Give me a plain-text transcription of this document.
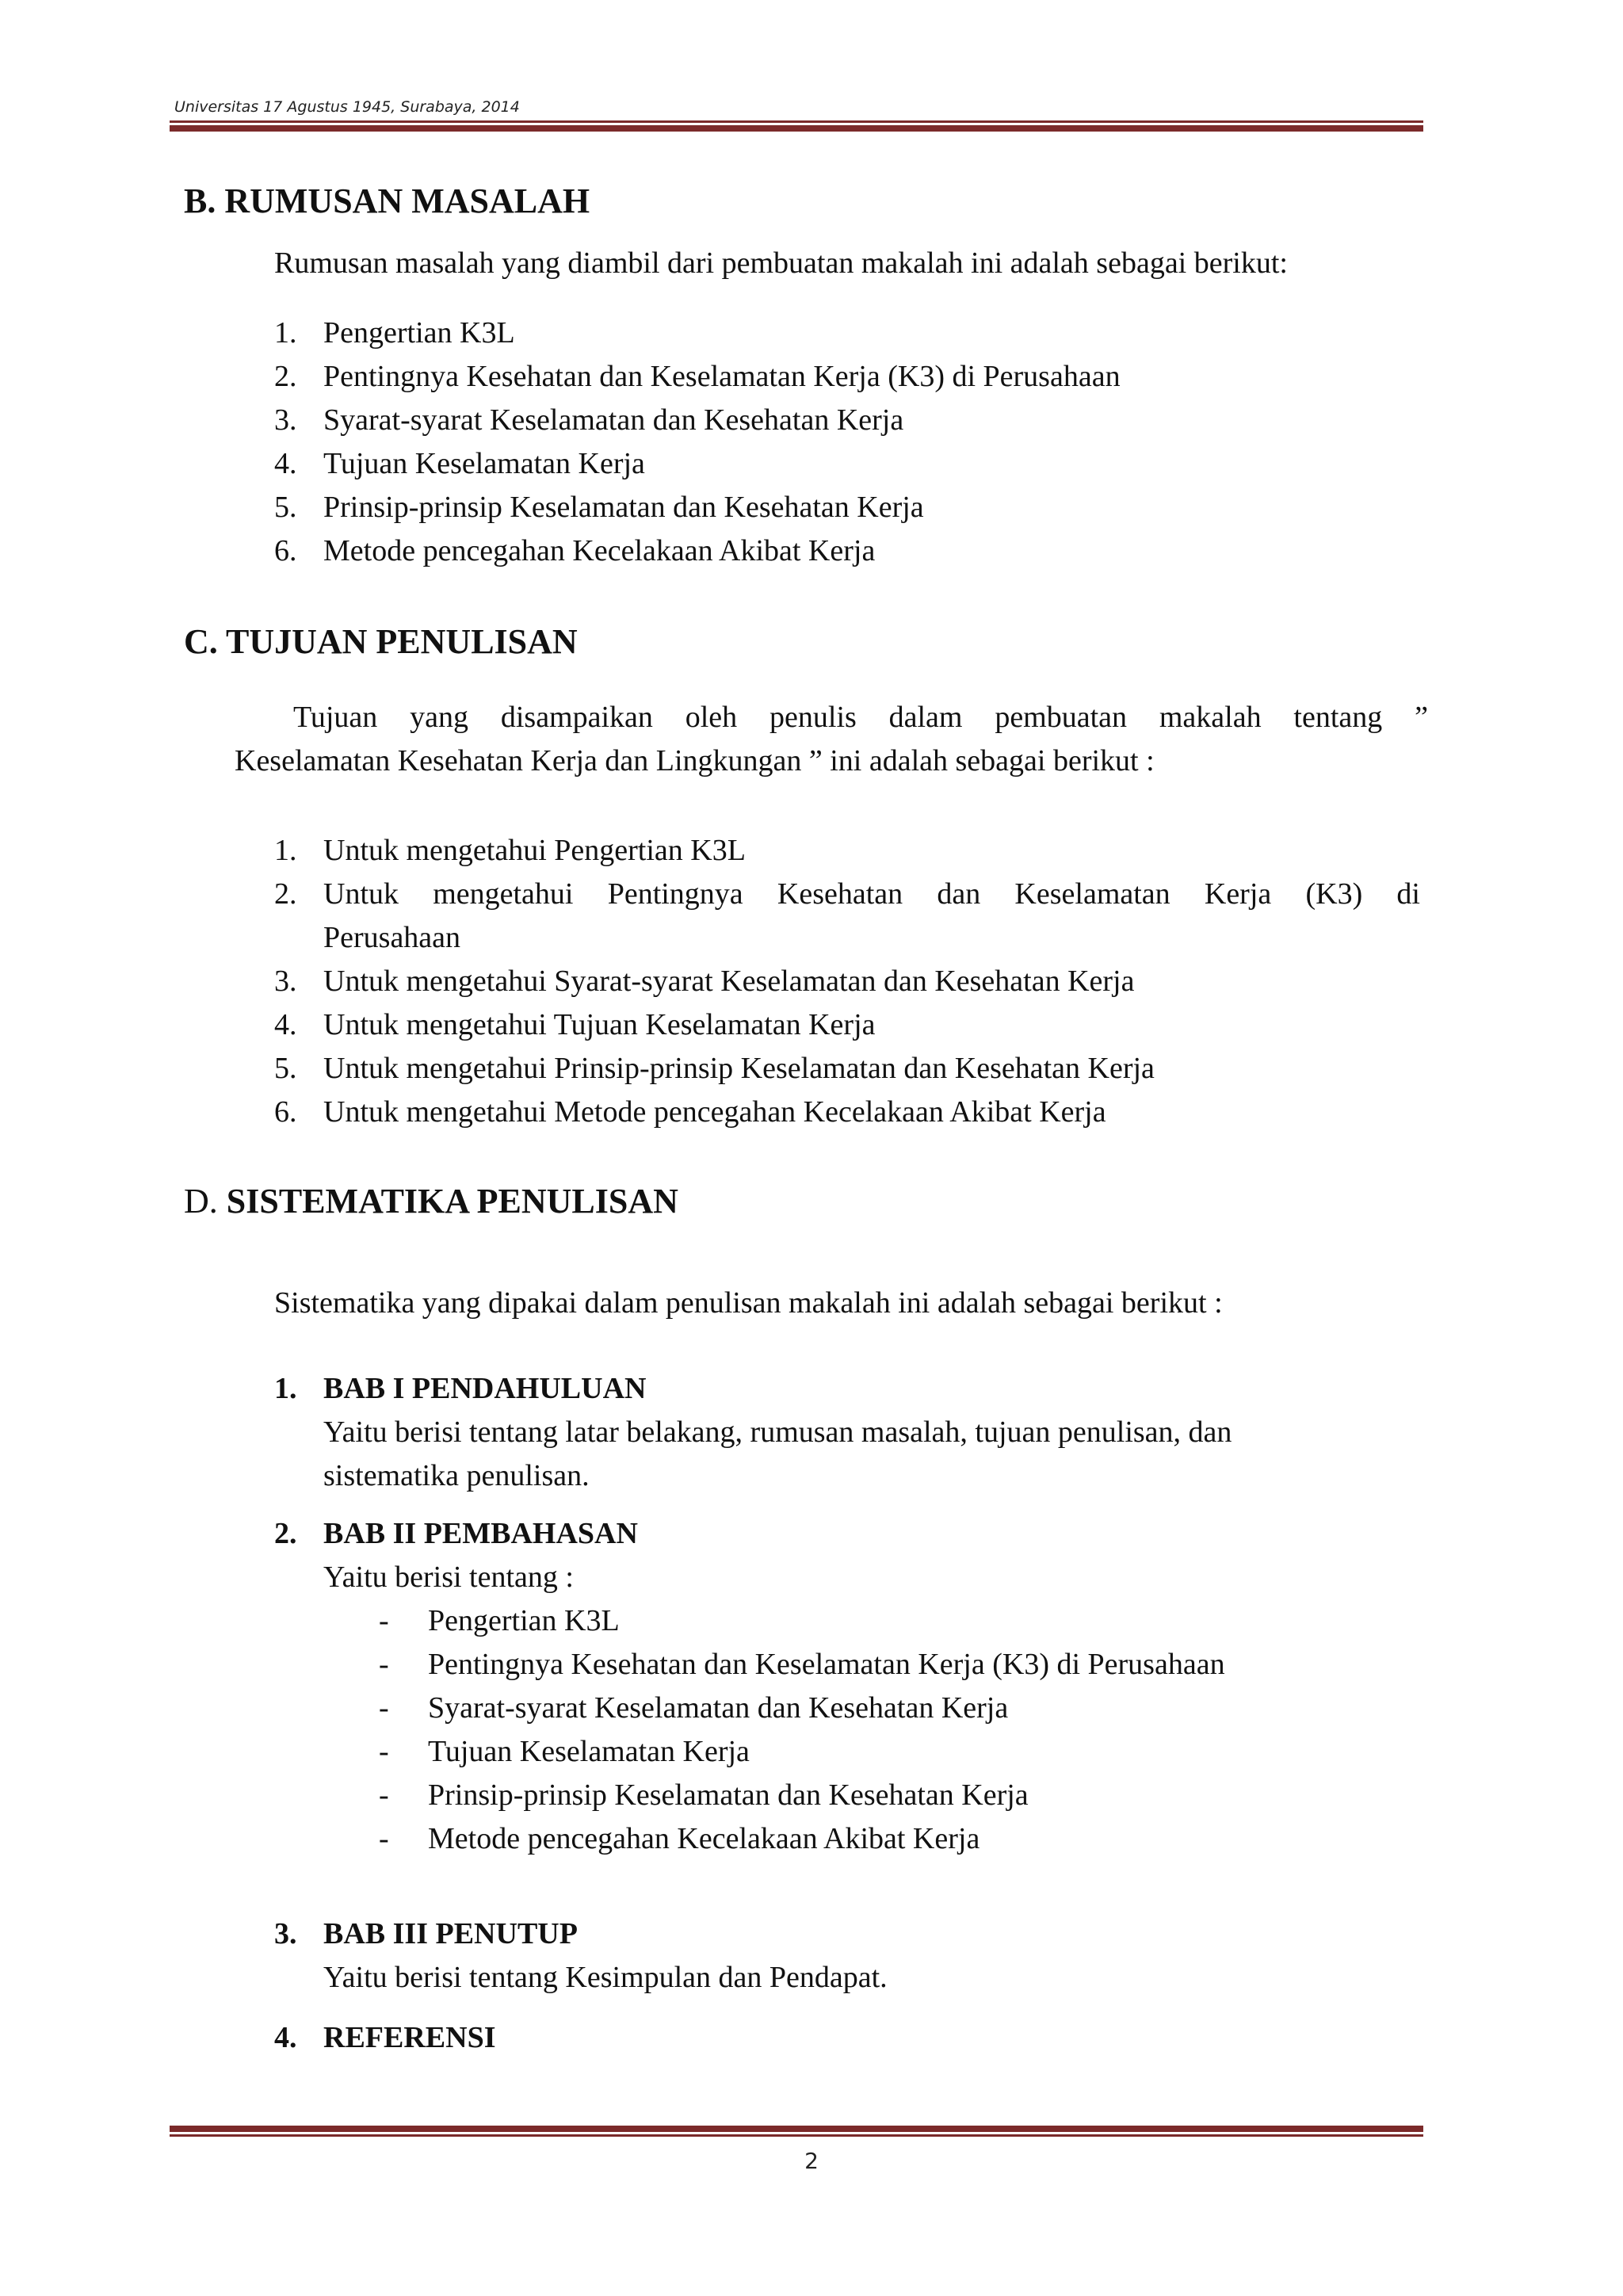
Universitas 17 Agustus 1945, Surabaya, 2014
B. RUMUSAN MASALAH
Rumusan masalah yang diambil dari pembuatan makalah ini adalah sebagai berikut:
1. Pengertian K3L
2. Pentingnya Kesehatan dan Keselamatan Kerja (K3) di Perusahaan
3. Syarat-syarat Keselamatan dan Kesehatan Kerja
4. Tujuan Keselamatan Kerja
5. Prinsip-prinsip Keselamatan dan Kesehatan Kerja
6. Metode pencegahan Kecelakaan Akibat Kerja
C. TUJUAN PENULISAN
Tujuan yang disampaikan oleh penulis dalam pembuatan makalah tentang ”
Keselamatan Kesehatan Kerja dan Lingkungan ” ini adalah sebagai berikut :
1. Untuk mengetahui Pengertian K3L
2. Untuk mengetahui Pentingnya Kesehatan dan Keselamatan Kerja (K3) di
Perusahaan
3. Untuk mengetahui Syarat-syarat Keselamatan dan Kesehatan Kerja
4. Untuk mengetahui Tujuan Keselamatan Kerja
5. Untuk mengetahui Prinsip-prinsip Keselamatan dan Kesehatan Kerja
6. Untuk mengetahui Metode pencegahan Kecelakaan Akibat Kerja
D. SISTEMATIKA PENULISAN
Sistematika yang dipakai dalam penulisan makalah ini adalah sebagai berikut :
1. BAB I PENDAHULUAN
Yaitu berisi tentang latar belakang, rumusan masalah, tujuan penulisan, dan
sistematika penulisan.
2. BAB II PEMBAHASAN
Yaitu berisi tentang :
- Pengertian K3L
- Pentingnya Kesehatan dan Keselamatan Kerja (K3) di Perusahaan
- Syarat-syarat Keselamatan dan Kesehatan Kerja
- Tujuan Keselamatan Kerja
- Prinsip-prinsip Keselamatan dan Kesehatan Kerja
- Metode pencegahan Kecelakaan Akibat Kerja
3. BAB III PENUTUP
Yaitu berisi tentang Kesimpulan dan Pendapat.
4. REFERENSI
2
